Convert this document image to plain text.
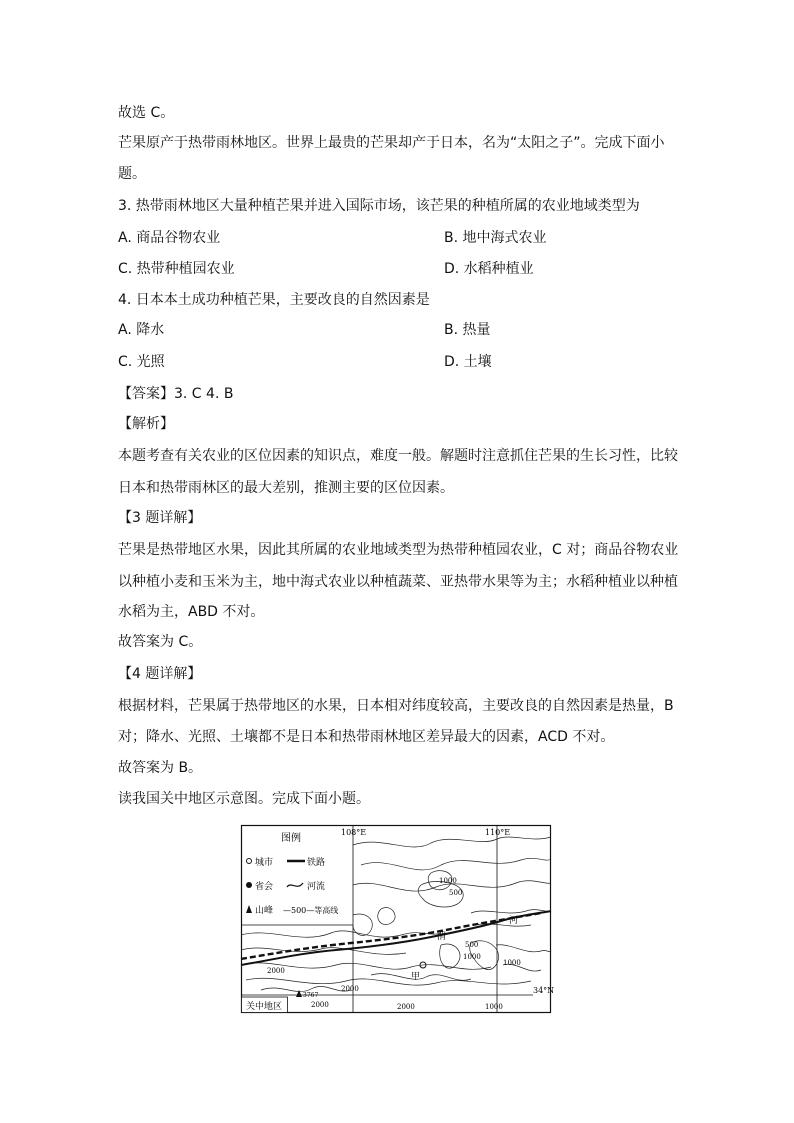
故选 C。
芒果原产于热带雨林地区。世界上最贵的芒果却产于日本，名为“太阳之子”。完成下面小
题。
3. 热带雨林地区大量种植芒果并进入国际市场，该芒果的种植所属的农业地域类型为
A. 商品谷物农业	B. 地中海式农业
C. 热带种植园农业	D. 水稻种植业
4. 日本本土成功种植芒果，主要改良的自然因素是
A. 降水	B. 热量
C. 光照	D. 土壤
【答案】3. C 4. B
【解析】
本题考查有关农业的区位因素的知识点，难度一般。解题时注意抓住芒果的生长习性，比较
日本和热带雨林区的最大差别，推测主要的区位因素。
【3 题详解】
芒果是热带地区水果，因此其所属的农业地域类型为热带种植园农业，C 对；商品谷物农业
以种植小麦和玉米为主，地中海式农业以种植蔬菜、亚热带水果等为主；水稻种植业以种植
水稻为主，ABD 不对。
故答案为 C。
【4 题详解】
根据材料，芒果属于热带地区的水果，日本相对纬度较高，主要改良的自然因素是热量，B
对；降水、光照、土壤都不是日本和热带雨林地区差异最大的因素，ACD 不对。
故答案为 B。
读我国关中地区示意图。完成下面小题。
图例
城市	铁路
省会	河流
山峰 —500—等高线
108°E	110°E
34°N
关中地区
1000
500
500
1000
1000
2000
2000
2000	2000	1000
3767
河
渭
甲
